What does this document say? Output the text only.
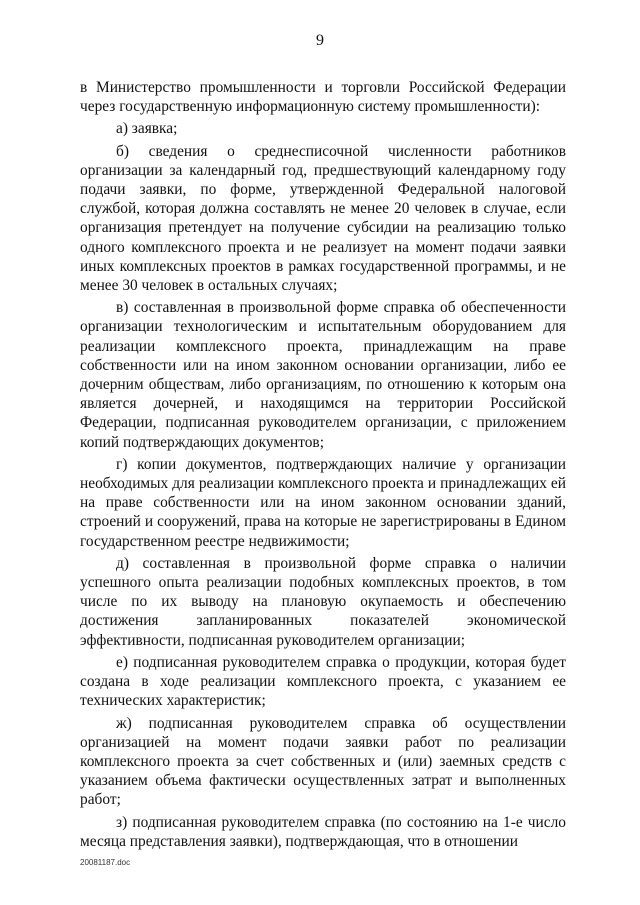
9

в Министерство промышленности и торговли Российской Федерации через государственную информационную систему промышленности):

а) заявка;

б) сведения о среднесписочной численности работников организации за календарный год, предшествующий календарному году подачи заявки, по форме, утвержденной Федеральной налоговой службой, которая должна составлять не менее 20 человек в случае, если организация претендует на получение субсидии на реализацию только одного комплексного проекта и не реализует на момент подачи заявки иных комплексных проектов в рамках государственной программы, и не менее 30 человек в остальных случаях;

в) составленная в произвольной форме справка об обеспеченности организации технологическим и испытательным оборудованием для реализации комплексного проекта, принадлежащим на праве собственности или на ином законном основании организации, либо ее дочерним обществам, либо организациям, по отношению к которым она является дочерней, и находящимся на территории Российской Федерации, подписанная руководителем организации, с приложением копий подтверждающих документов;

г) копии документов, подтверждающих наличие у организации необходимых для реализации комплексного проекта и принадлежащих ей на праве собственности или на ином законном основании зданий, строений и сооружений, права на которые не зарегистрированы в Едином государственном реестре недвижимости;

д) составленная в произвольной форме справка о наличии успешного опыта реализации подобных комплексных проектов, в том числе по их выводу на плановую окупаемость и обеспечению достижения запланированных показателей экономической эффективности, подписанная руководителем организации;

е) подписанная руководителем справка о продукции, которая будет создана в ходе реализации комплексного проекта, с указанием ее технических характеристик;

ж) подписанная руководителем справка об осуществлении организацией на момент подачи заявки работ по реализации комплексного проекта за счет собственных и (или) заемных средств с указанием объема фактически осуществленных затрат и выполненных работ;

з) подписанная руководителем справка (по состоянию на 1-е число месяца представления заявки), подтверждающая, что в отношении

20081187.doc
